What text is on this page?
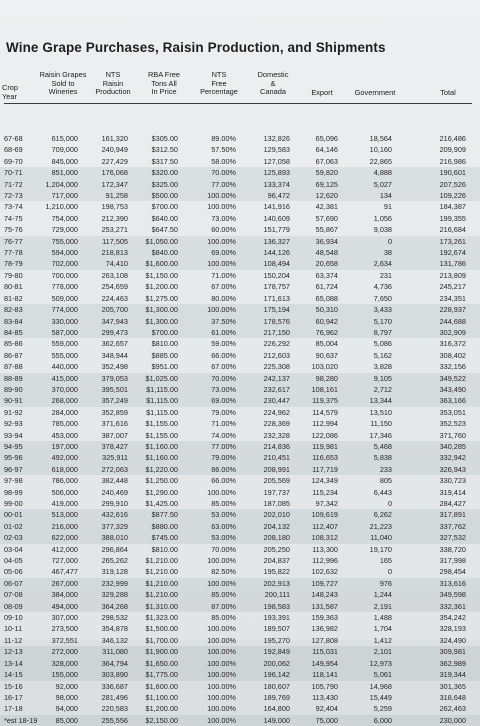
Wine Grape Purchases, Raisin Production, and Shipments
Crop
Year
Raisin Grapes
Sold to
Wineries
NTS
Raisin
Production
RBA Free
Tons All
In Price
NTS
Free
Percentage
Domestic
&
Canada	Export	Government	Total
67-68	615,000	161,320	$305.00	89.00%	132,826	65,096	18,564	216,486
68-69	709,000	240,949	$312.50	57.50%	129,583	64,146	10,160	209,909
69-70	845,000	227,429	$317.50	58.00%	127,058	67,063	22,865	216,986
70-71	851,000	176,068	$320.00	70.00%	125,893	59,820	4,888	190,601
71-72	1,204,000	172,347	$325.00	77.00%	133,374	69,125	5,027	207,526
72-73	717,000	91,258	$500.00	100.00%	96,472	12,620	134	109,226
73-74	1,210,000	198,753	$700.00	100.00%	141,916	42,381	91	184,387
74-75	754,000	212,390	$640.00	73.00%	140,609	57,690	1,056	199,355
75-76	729,000	253,271	$647.50	60.00%	151,779	55,867	9,038	216,684
76-77	755,000	117,505	$1,050.00	100.00%	136,327	36,934	0	173,261
77-78	594,000	218,813	$840.00	69.00%	144,126	48,548	38	192,674
78-79	702,000	74,410	$1,600.00	100.00%	108,494	20,658	2,634	131,786
79-80	700,000	263,108	$1,150.00	71.00%	150,204	63,374	231	213,809
80-81	778,000	254,659	$1,200.00	67.00%	178,757	61,724	4,736	245,217
81-82	509,000	224,463	$1,275.00	80.00%	171,613	65,088	7,650	234,351
82-83	774,000	205,700	$1,300.00	100.00%	175,194	50,310	3,433	228,937
83-84	330,000	347,943	$1,300.00	37.50%	178,576	60,942	5,170	244,688
84-85	587,000	299,473	$700.00	61.00%	217,150	76,962	8,797	302,909
85-86	559,000	362,657	$810.00	59.00%	226,292	85,004	5,086	316,372
86-87	555,000	348,944	$885.00	66.00%	212,603	90,637	5,162	308,402
87-88	440,000	352,498	$951.00	67.00%	225,308	103,020	3,828	332,156
88-89	415,000	379,053	$1,025.00	70.00%	242,137	98,280	9,105	349,522
89-90	370,000	395,501	$1,115.00	73.00%	232,617	108,161	2,712	343,490
90-91	268,000	357,249	$1,115.00	69.00%	230,447	119,375	13,344	363,166
91-92	284,000	352,859	$1,115.00	79.00%	224,962	114,579	13,510	353,051
92-93	785,000	371,616	$1,155.00	71.00%	228,369	112,994	11,150	352,523
93-94	453,000	387,007	$1,155.00	74.00%	232,328	122,086	17,346	371,760
94-95	197,000	378,427	$1,160.00	77.00%	214,836	119,981	5,468	340,285
95-96	492,000	325,911	$1,160.00	79.00%	210,451	116,653	5,838	332,942
96-97	618,000	272,063	$1,220.00	86.00%	208,991	117,719	233	326,943
97-98	786,000	382,448	$1,250.00	66.00%	205,569	124,349	805	330,723
98-99	506,000	240,469	$1,290.00	100.00%	197,737	115,234	6,443	319,414
99-00	419,000	299,910	$1,425.00	85.00%	187,085	97,342	0	284,427
00-01	513,000	432,616	$877.50	53.00%	202,010	109,619	6,262	317,891
01-02	216,000	377,329	$880.00	63.00%	204,132	112,407	21,223	337,762
02-03	622,000	388,010	$745.00	53.00%	208,180	108,312	11,040	327,532
03-04	412,000	296,864	$810.00	70.00%	205,250	113,300	19,170	338,720
04-05	727,000	265,262	$1,210.00	100.00%	204,837	112,996	165	317,998
05-06	467,477	319,128	$1,210.00	82.50%	195,822	102,632	0	298,454
06-07	267,000	232,999	$1,210.00	100.00%	202,913	109,727	976	313,616
07-08	384,000	329,288	$1,210.00	85.00%	200,111	148,243	1,244	349,598
08-09	494,000	364,268	$1,310.00	87.00%	198,583	131,587	2,191	332,361
09-10	307,000	298,532	$1,323.00	85.00%	193,391	159,363	1,488	354,242
10-11	273,500	354,878	$1,500.00	100.00%	189,507	136,982	1,704	328,193
11-12	372,551	346,132	$1,700.00	100.00%	195,270	127,808	1,412	324,490
12-13	272,000	311,080	$1,900.00	100.00%	192,849	115,031	2,101	309,981
13-14	328,000	364,794	$1,650.00	100.00%	200,062	149,954	12,973	362,989
14-15	155,000	303,890	$1,775.00	100.00%	196,142	118,141	5,061	319,344
15-16	92,000	336,687	$1,600.00	100.00%	180,607	105,790	14,968	301,365
16-17	98,000	281,496	$1,100.00	100.00%	189,769	113,430	15,449	318,648
17-18	94,000	220,583	$1,200.00	100.00%	164,800	92,404	5,259	262,463
*est 18-19	85,000	255,556	$2,150.00	100.00%	149,000	75,000	6,000	230,000
